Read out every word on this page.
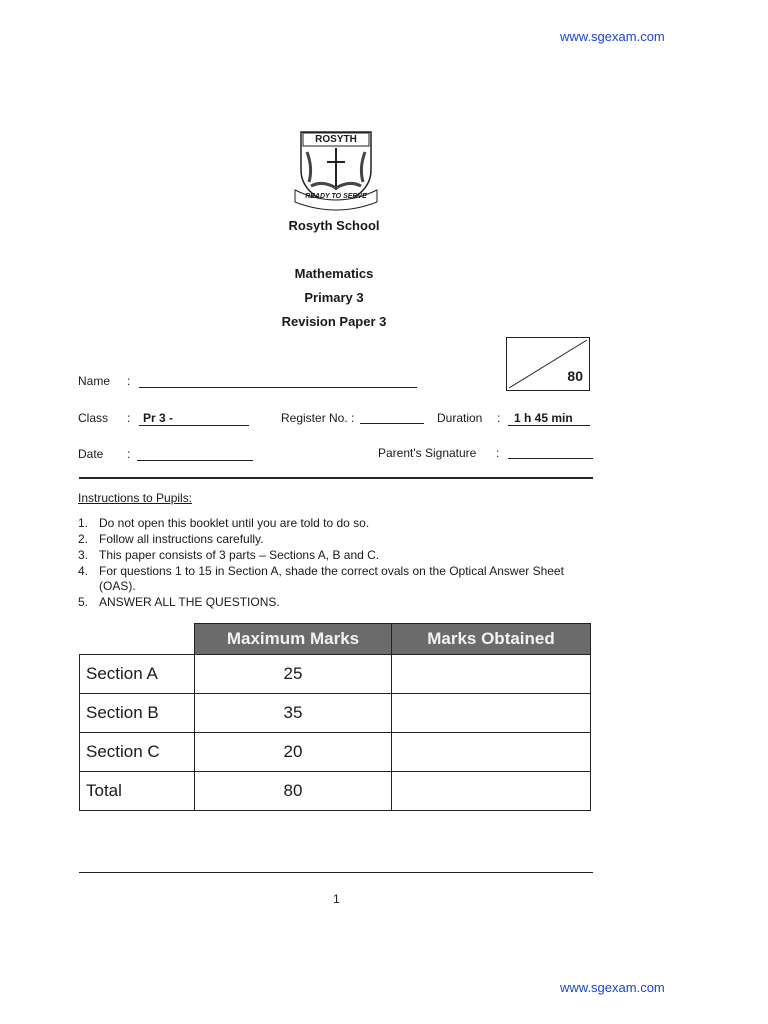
www.sgexam.com
ROSYTH
READY TO SERVE
Rosyth School
Mathematics
Primary 3
Revision Paper 3
80
Name :
Class : Pr 3 -	Register No. :	Duration : 1 h 45 min
Date :	Parent's Signature :
Instructions to Pupils:
1. Do not open this booklet until you are told to do so.
2. Follow all instructions carefully.
3. This paper consists of 3 parts – Sections A, B and C.
4. For questions 1 to 15 in Section A, shade the correct ovals on the Optical Answer Sheet (OAS).
5. ANSWER ALL THE QUESTIONS.
	Maximum Marks	Marks Obtained
Section A	25	
Section B	35	
Section C	20	
Total	80	
1
www.sgexam.com
